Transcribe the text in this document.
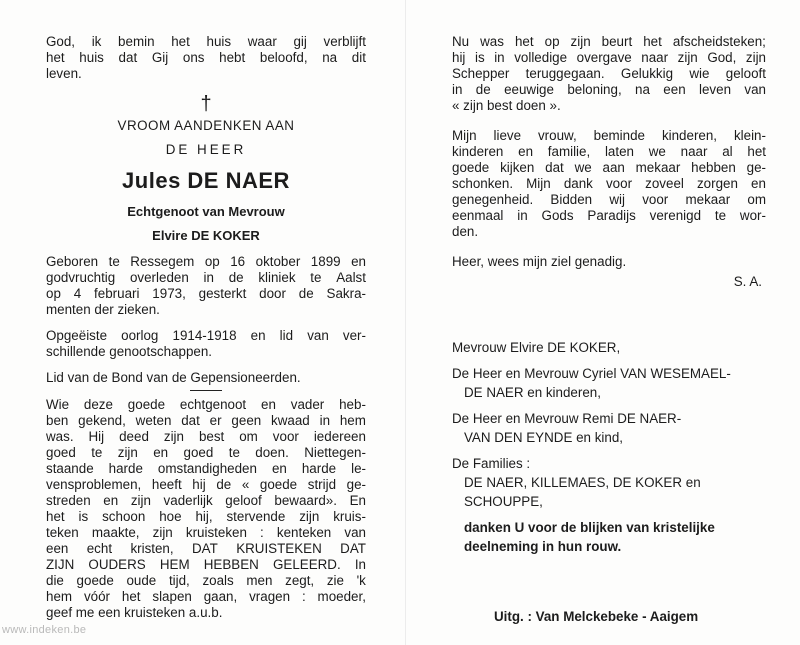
God, ik bemin het huis waar gij verblijft
het huis dat Gij ons hebt beloofd, na dit
leven.
†
VROOM AANDENKEN AAN
DE HEER
Jules DE NAER
Echtgenoot van Mevrouw
Elvire DE KOKER
Geboren te Ressegem op 16 oktober 1899 en
godvruchtig overleden in de kliniek te Aalst
op 4 februari 1973, gesterkt door de Sakra-
menten der zieken.
Opgeëiste oorlog 1914-1918 en lid van ver-
schillende genootschappen.
Lid van de Bond van de Gepensioneerden.
Wie deze goede echtgenoot en vader heb-
ben gekend, weten dat er geen kwaad in hem
was. Hij deed zijn best om voor iedereen
goed te zijn en goed te doen. Niettegen-
staande harde omstandigheden en harde le-
vensproblemen, heeft hij de « goede strijd ge-
streden en zijn vaderlijk geloof bewaard». En
het is schoon hoe hij, stervende zijn kruis-
teken maakte, zijn kruisteken : kenteken van
een echt kristen, DAT KRUISTEKEN DAT
ZIJN OUDERS HEM HEBBEN GELEERD. In
die goede oude tijd, zoals men zegt, zie 'k
hem vóór het slapen gaan, vragen : moeder,
geef me een kruisteken a.u.b.
Nu was het op zijn beurt het afscheidsteken;
hij is in volledige overgave naar zijn God, zijn
Schepper teruggegaan. Gelukkig wie gelooft
in de eeuwige beloning, na een leven van
« zijn best doen ».
Mijn lieve vrouw, beminde kinderen, klein-
kinderen en familie, laten we naar al het
goede kijken dat we aan mekaar hebben ge-
schonken. Mijn dank voor zoveel zorgen en
genegenheid. Bidden wij voor mekaar om
eenmaal in Gods Paradijs verenigd te wor-
den.
Heer, wees mijn ziel genadig.
S. A.
Mevrouw Elvire DE KOKER,
De Heer en Mevrouw Cyriel VAN WESEMAEL-
DE NAER en kinderen,
De Heer en Mevrouw Remi DE NAER-
VAN DEN EYNDE en kind,
De Families :
DE NAER, KILLEMAES, DE KOKER en
SCHOUPPE,
danken U voor de blijken van kristelijke
deelneming in hun rouw.
Uitg. : Van Melckebeke - Aaigem
www.indeken.be
